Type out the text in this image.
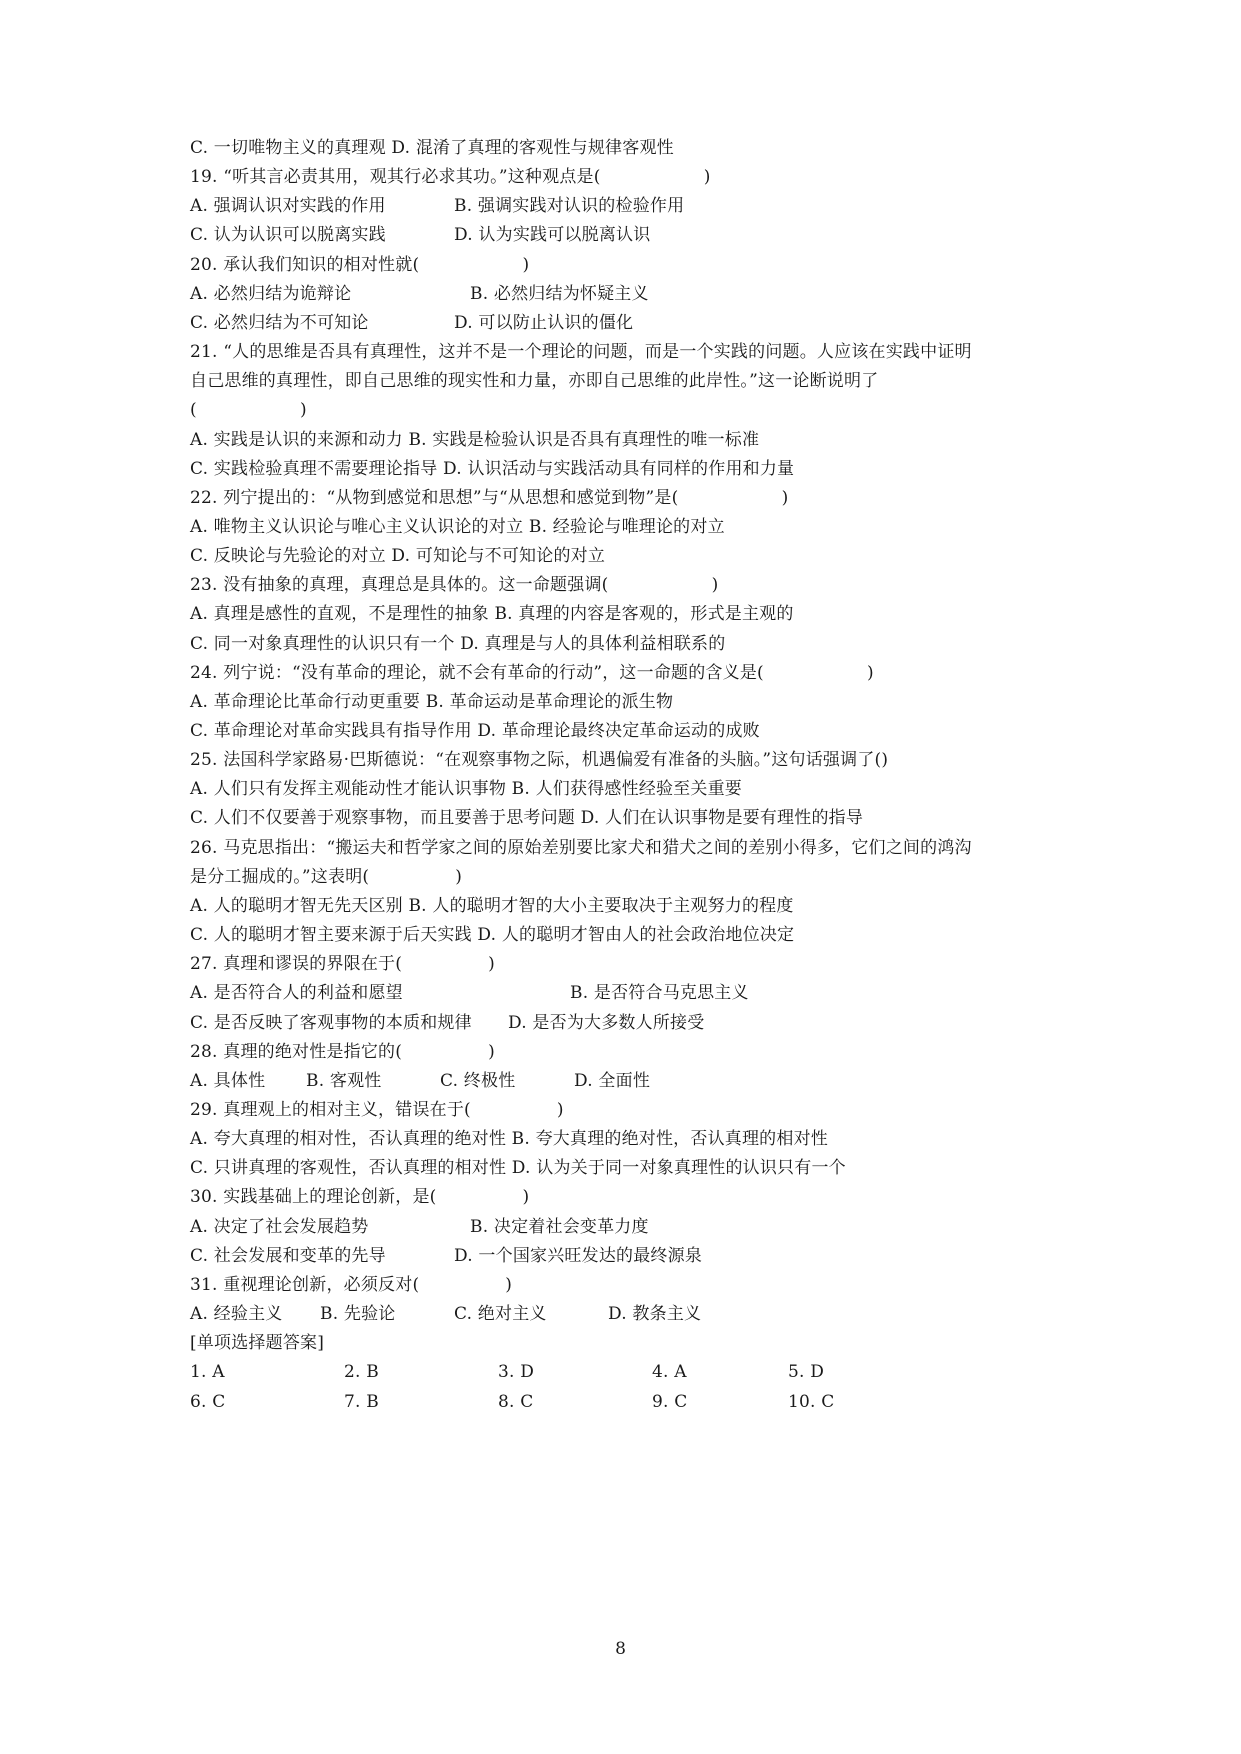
C. 一切唯物主义的真理观 D. 混淆了真理的客观性与规律客观性
19. “听其言必责其用，观其行必求其功。”这种观点是(　　　　　　)
A. 强调认识对实践的作用	B. 强调实践对认识的检验作用
C. 认为认识可以脱离实践	D. 认为实践可以脱离认识
20. 承认我们知识的相对性就(　　　　　　)
A. 必然归结为诡辩论	B. 必然归结为怀疑主义
C. 必然归结为不可知论	D. 可以防止认识的僵化
21. “人的思维是否具有真理性，这并不是一个理论的问题，而是一个实践的问题。人应该在实践中证明
自己思维的真理性，即自己思维的现实性和力量，亦即自己思维的此岸性。”这一论断说明了
(　　　　　　)
A. 实践是认识的来源和动力 B. 实践是检验认识是否具有真理性的唯一标准
C. 实践检验真理不需要理论指导 D. 认识活动与实践活动具有同样的作用和力量
22. 列宁提出的：“从物到感觉和思想”与“从思想和感觉到物”是(　　　　　　)
A. 唯物主义认识论与唯心主义认识论的对立 B. 经验论与唯理论的对立
C. 反映论与先验论的对立 D. 可知论与不可知论的对立
23. 没有抽象的真理，真理总是具体的。这一命题强调(　　　　　　)
A. 真理是感性的直观，不是理性的抽象 B. 真理的内容是客观的，形式是主观的
C. 同一对象真理性的认识只有一个 D. 真理是与人的具体利益相联系的
24. 列宁说：“没有革命的理论，就不会有革命的行动”，这一命题的含义是(　　　　　　)
A. 革命理论比革命行动更重要 B. 革命运动是革命理论的派生物
C. 革命理论对革命实践具有指导作用 D. 革命理论最终决定革命运动的成败
25. 法国科学家路易·巴斯德说：“在观察事物之际，机遇偏爱有准备的头脑。”这句话强调了()
A. 人们只有发挥主观能动性才能认识事物 B. 人们获得感性经验至关重要
C. 人们不仅要善于观察事物，而且要善于思考问题 D. 人们在认识事物是要有理性的指导
26. 马克思指出：“搬运夫和哲学家之间的原始差别要比家犬和猎犬之间的差别小得多，它们之间的鸿沟
是分工掘成的。”这表明(　　　　　)
A. 人的聪明才智无先天区别 B. 人的聪明才智的大小主要取决于主观努力的程度
C. 人的聪明才智主要来源于后天实践 D. 人的聪明才智由人的社会政治地位决定
27. 真理和谬误的界限在于(　　　　　)
A. 是否符合人的利益和愿望	B. 是否符合马克思主义
C. 是否反映了客观事物的本质和规律 D. 是否为大多数人所接受
28. 真理的绝对性是指它的(　　　　　)
A. 具体性 B. 客观性	C. 终极性	D. 全面性
29. 真理观上的相对主义，错误在于(　　　　　)
A. 夸大真理的相对性，否认真理的绝对性 B. 夸大真理的绝对性，否认真理的相对性
C. 只讲真理的客观性，否认真理的相对性 D. 认为关于同一对象真理性的认识只有一个
30. 实践基础上的理论创新，是(　　　　　)
A. 决定了社会发展趋势	B. 决定着社会变革力度
C. 社会发展和变革的先导	D. 一个国家兴旺发达的最终源泉
31. 重视理论创新，必须反对(　　　　　)
A. 经验主义 B. 先验论	C. 绝对主义	D. 教条主义
[单项选择题答案]
1. A	2. B	3. D	4. A	5. D
6. C	7. B	8. C	9. C	10. C
8
